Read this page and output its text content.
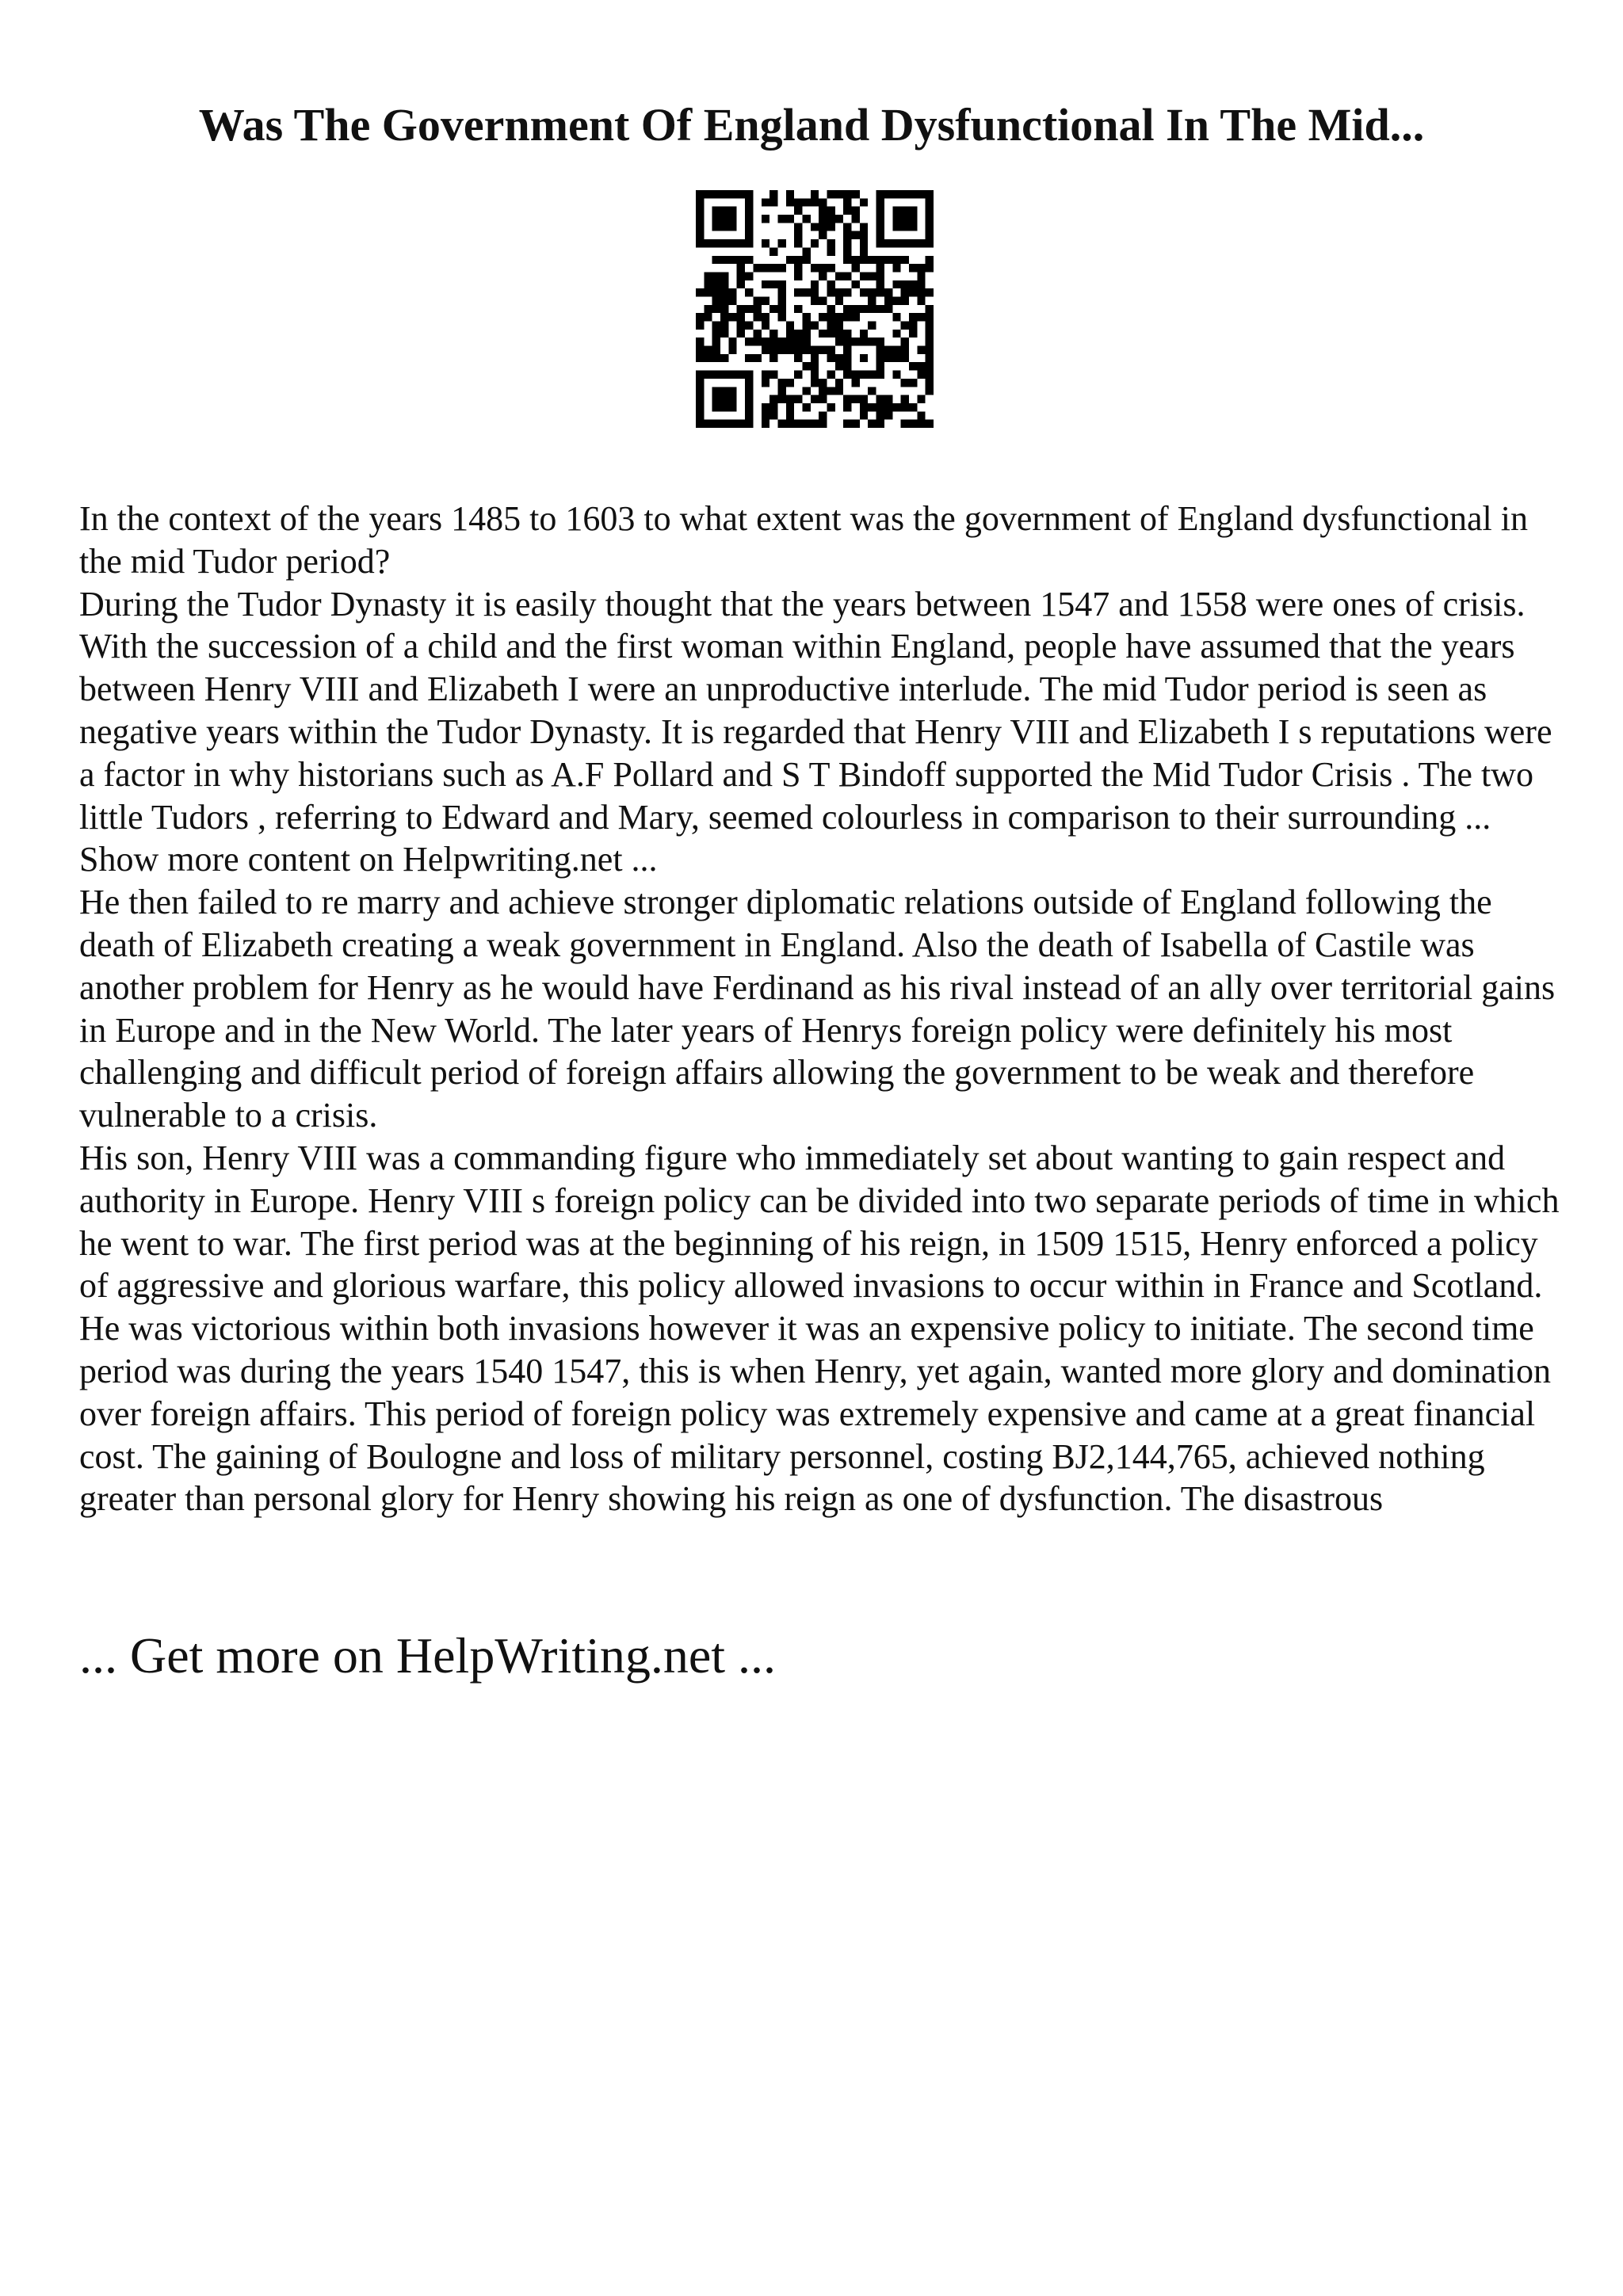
Was The Government Of England Dysfunctional In The Mid...

In the context of the years 1485 to 1603 to what extent was the government of England dysfunctional in the mid Tudor period?

During the Tudor Dynasty it is easily thought that the years between 1547 and 1558 were ones of crisis. With the succession of a child and the first woman within England, people have assumed that the years between Henry VIII and Elizabeth I were an unproductive interlude. The mid Tudor period is seen as negative years within the Tudor Dynasty. It is regarded that Henry VIII and Elizabeth I s reputations were a factor in why historians such as A.F Pollard and S T Bindoff supported the Mid Tudor Crisis . The two little Tudors , referring to Edward and Mary, seemed colourless in comparison to their surrounding ... Show more content on Helpwriting.net ...

He then failed to re marry and achieve stronger diplomatic relations outside of England following the death of Elizabeth creating a weak government in England. Also the death of Isabella of Castile was another problem for Henry as he would have Ferdinand as his rival instead of an ally over territorial gains in Europe and in the New World. The later years of Henrys foreign policy were definitely his most challenging and difficult period of foreign affairs allowing the government to be weak and therefore vulnerable to a crisis.

His son, Henry VIII was a commanding figure who immediately set about wanting to gain respect and authority in Europe. Henry VIII s foreign policy can be divided into two separate periods of time in which he went to war. The first period was at the beginning of his reign, in 1509 1515, Henry enforced a policy of aggressive and glorious warfare, this policy allowed invasions to occur within in France and Scotland. He was victorious within both invasions however it was an expensive policy to initiate. The second time period was during the years 1540 1547, this is when Henry, yet again, wanted more glory and domination over foreign affairs. This period of foreign policy was extremely expensive and came at a great financial cost. The gaining of Boulogne and loss of military personnel, costing BJ2,144,765, achieved nothing greater than personal glory for Henry showing his reign as one of dysfunction. The disastrous

... Get more on HelpWriting.net ...
